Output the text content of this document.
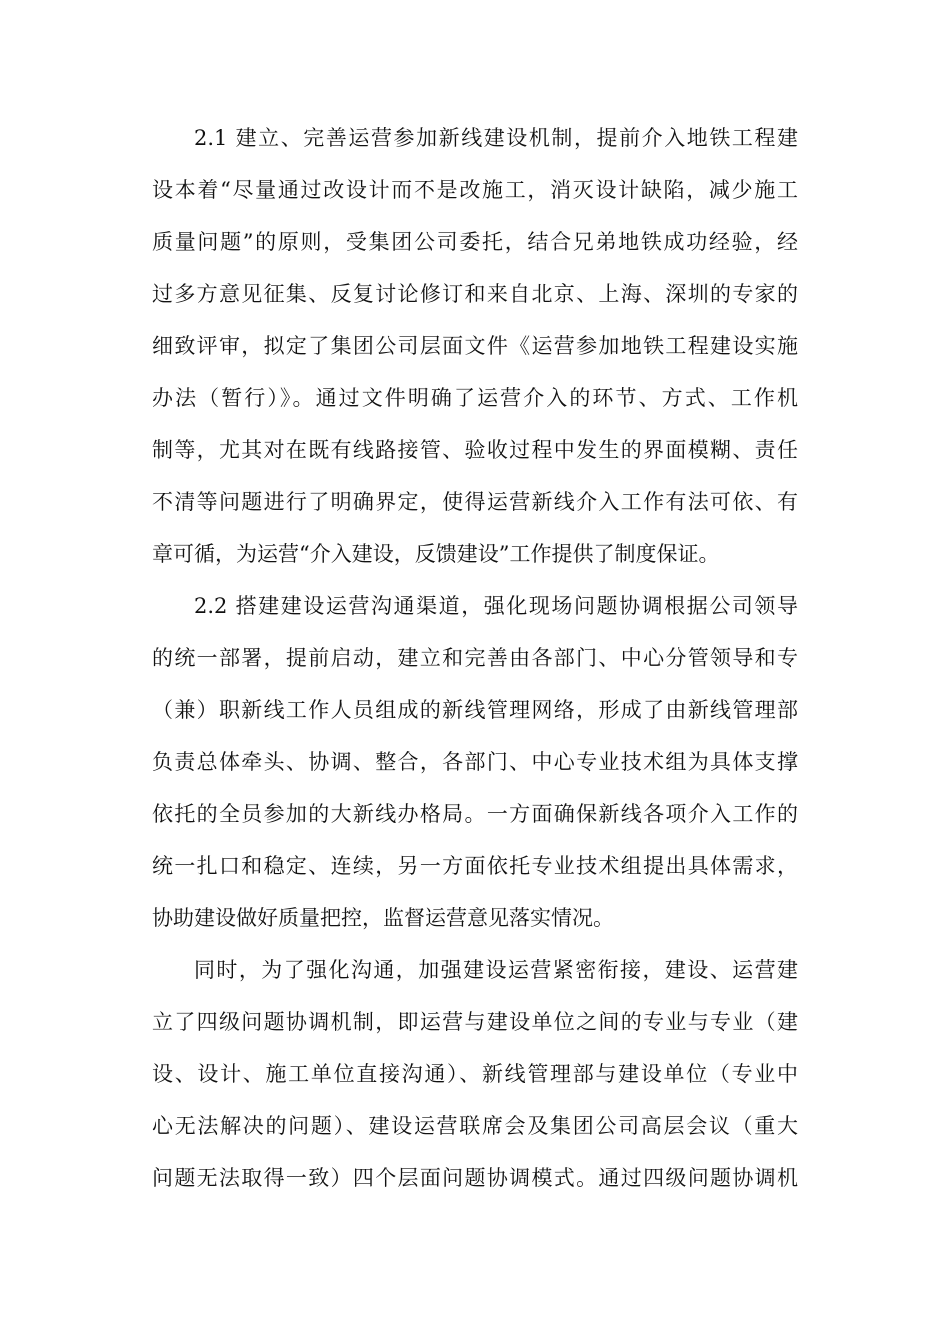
2.1 建立、完善运营参加新线建设机制，提前介入地铁工程建
设本着“尽量通过改设计而不是改施工，消灭设计缺陷，减少施工
质量问题”的原则，受集团公司委托，结合兄弟地铁成功经验，经
过多方意见征集、反复讨论修订和来自北京、上海、深圳的专家的
细致评审，拟定了集团公司层面文件《运营参加地铁工程建设实施
办法（暂行）》。通过文件明确了运营介入的环节、方式、工作机
制等，尤其对在既有线路接管、验收过程中发生的界面模糊、责任
不清等问题进行了明确界定，使得运营新线介入工作有法可依、有
章可循，为运营“介入建设，反馈建设”工作提供了制度保证。
2.2 搭建建设运营沟通渠道，强化现场问题协调根据公司领导
的统一部署，提前启动，建立和完善由各部门、中心分管领导和专
（兼）职新线工作人员组成的新线管理网络，形成了由新线管理部
负责总体牵头、协调、整合，各部门、中心专业技术组为具体支撑
依托的全员参加的大新线办格局。一方面确保新线各项介入工作的
统一扎口和稳定、连续，另一方面依托专业技术组提出具体需求，
协助建设做好质量把控，监督运营意见落实情况。
同时，为了强化沟通，加强建设运营紧密衔接，建设、运营建
立了四级问题协调机制，即运营与建设单位之间的专业与专业（建
设、设计、施工单位直接沟通）、新线管理部与建设单位（专业中
心无法解决的问题）、建设运营联席会及集团公司高层会议（重大
问题无法取得一致）四个层面问题协调模式。通过四级问题协调机
